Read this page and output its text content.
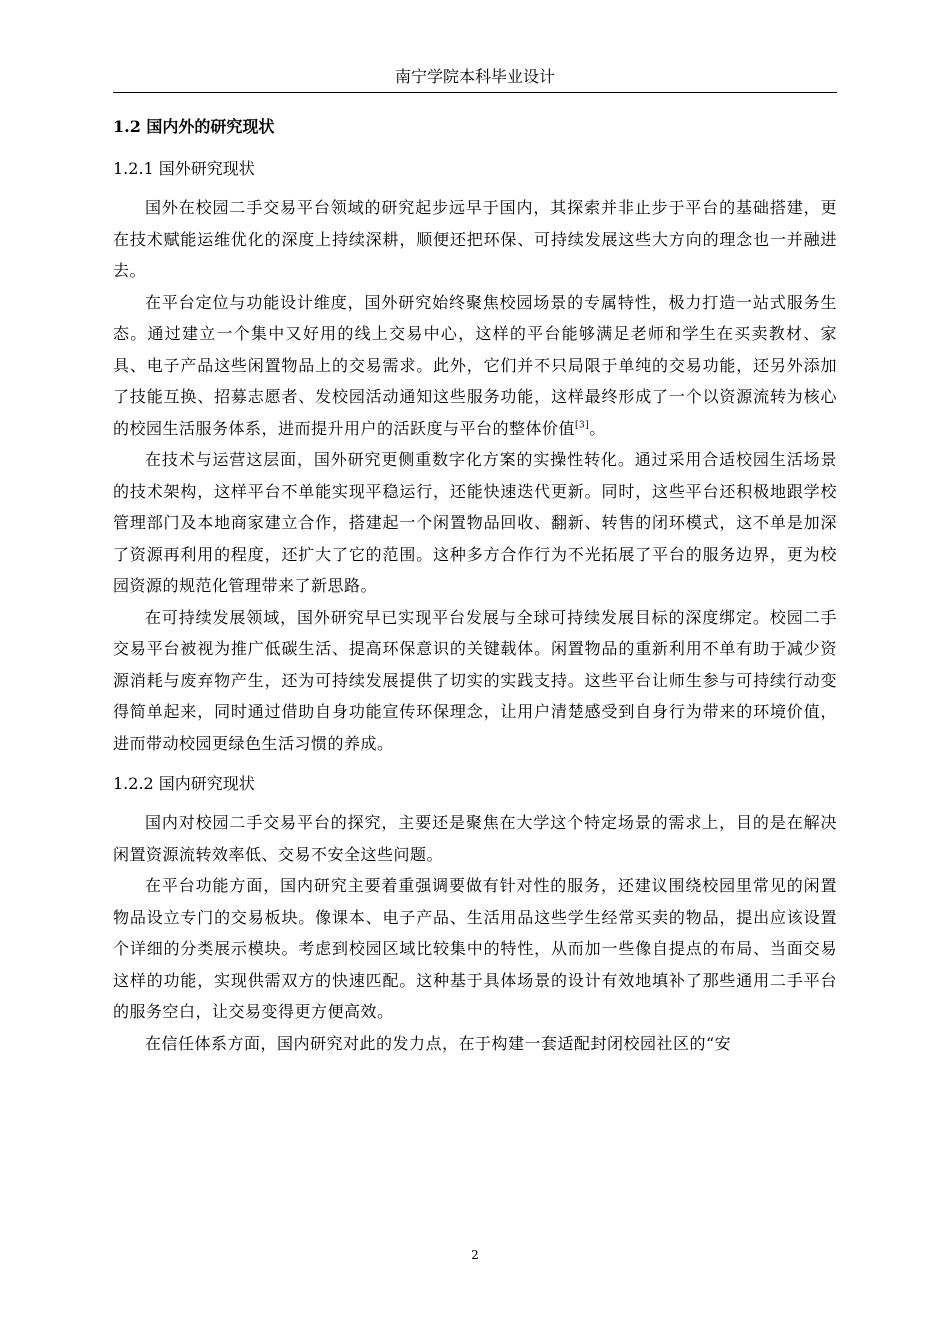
南宁学院本科毕业设计
1.2 国内外的研究现状
1.2.1 国外研究现状

国外在校园二手交易平台领域的研究起步远早于国内，其探索并非止步于平台的基础搭建，更在技术赋能运维优化的深度上持续深耕，顺便还把环保、可持续发展这些大方向的理念也一并融进去。

在平台定位与功能设计维度，国外研究始终聚焦校园场景的专属特性，极力打造一站式服务生态。通过建立一个集中又好用的线上交易中心，这样的平台能够满足老师和学生在买卖教材、家具、电子产品这些闲置物品上的交易需求。此外，它们并不只局限于单纯的交易功能，还另外添加了技能互换、招募志愿者、发校园活动通知这些服务功能，这样最终形成了一个以资源流转为核心的校园生活服务体系，进而提升用户的活跃度与平台的整体价值[3]。

在技术与运营这层面，国外研究更侧重数字化方案的实操性转化。通过采用合适校园生活场景的技术架构，这样平台不单能实现平稳运行，还能快速迭代更新。同时，这些平台还积极地跟学校管理部门及本地商家建立合作，搭建起一个闲置物品回收、翻新、转售的闭环模式，这不单是加深了资源再利用的程度，还扩大了它的范围。这种多方合作行为不光拓展了平台的服务边界，更为校园资源的规范化管理带来了新思路。

在可持续发展领域，国外研究早已实现平台发展与全球可持续发展目标的深度绑定。校园二手交易平台被视为推广低碳生活、提高环保意识的关键载体。闲置物品的重新利用不单有助于减少资源消耗与废弃物产生，还为可持续发展提供了切实的实践支持。这些平台让师生参与可持续行动变得简单起来，同时通过借助自身功能宣传环保理念，让用户清楚感受到自身行为带来的环境价值，进而带动校园更绿色生活习惯的养成。

1.2.2 国内研究现状

国内对校园二手交易平台的探究，主要还是聚焦在大学这个特定场景的需求上，目的是在解决闲置资源流转效率低、交易不安全这些问题。

在平台功能方面，国内研究主要着重强调要做有针对性的服务，还建议围绕校园里常见的闲置物品设立专门的交易板块。像课本、电子产品、生活用品这些学生经常买卖的物品，提出应该设置个详细的分类展示模块。考虑到校园区域比较集中的特性，从而加一些像自提点的布局、当面交易这样的功能，实现供需双方的快速匹配。这种基于具体场景的设计有效地填补了那些通用二手平台的服务空白，让交易变得更方便高效。

在信任体系方面，国内研究对此的发力点，在于构建一套适配封闭校园社区的“安

2
